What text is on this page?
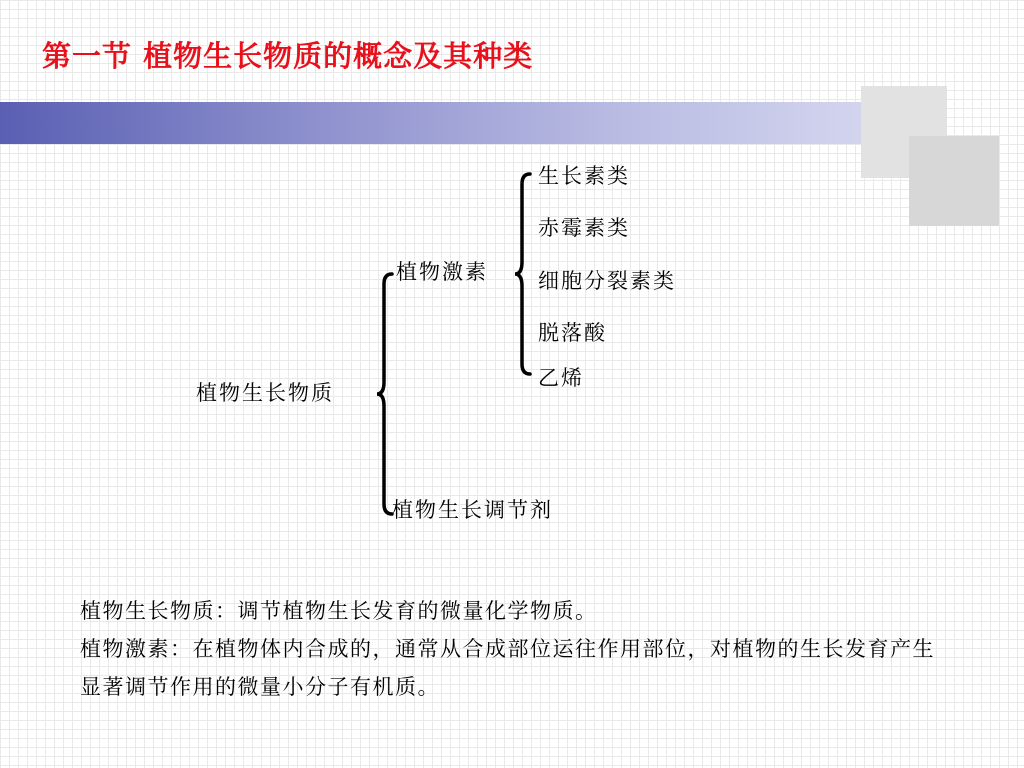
第一节 植物生长物质的概念及其种类
植物生长物质
植物激素
植物生长调节剂
生长素类
赤霉素类
细胞分裂素类
脱落酸
乙烯

植物生长物质：调节植物生长发育的微量化学物质。

植物激素：在植物体内合成的，通常从合成部位运往作用部位，对植物的生长发育产生显著调节作用的微量小分子有机质。
